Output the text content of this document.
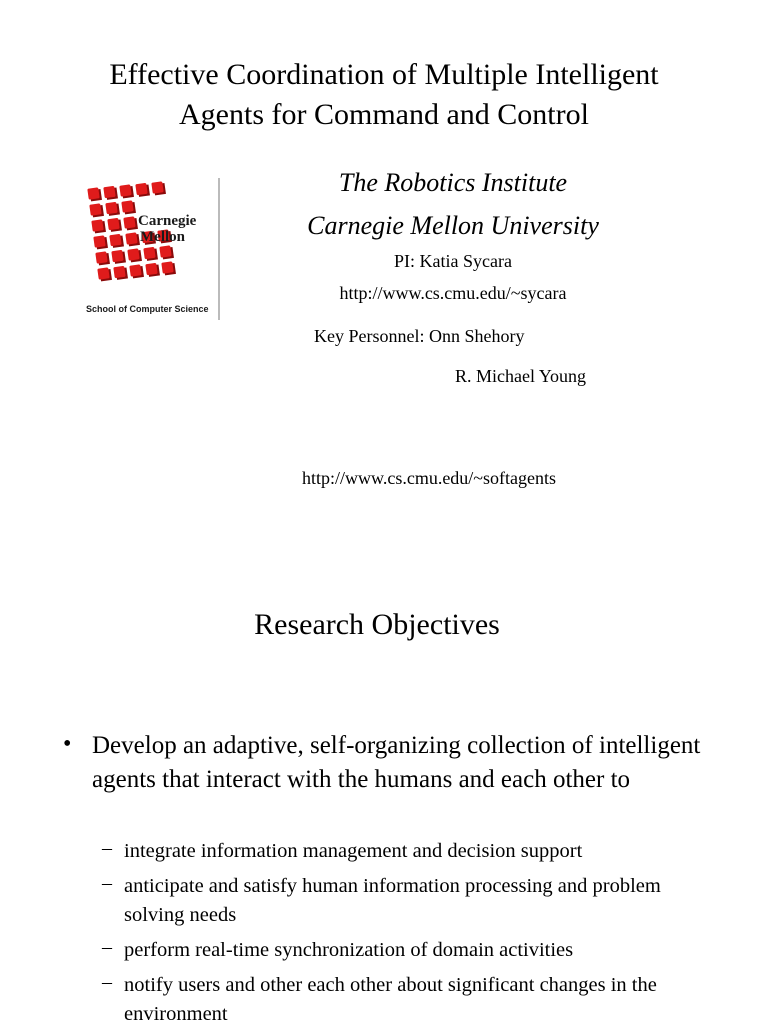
Effective Coordination of Multiple Intelligent
Agents for Command and Control
Carnegie
Mellon
School of Computer Science
The Robotics Institute
Carnegie Mellon University
PI: Katia Sycara
http://www.cs.cmu.edu/~sycara
Key Personnel: Onn Shehory
R. Michael Young
http://www.cs.cmu.edu/~softagents
Research Objectives
• Develop an adaptive, self-organizing collection of intelligent agents that interact with the humans and each other to
– integrate information management and decision support
– anticipate and satisfy human information processing and problem solving needs
– perform real-time synchronization of domain activities
– notify users and other each other about significant changes in the environment
